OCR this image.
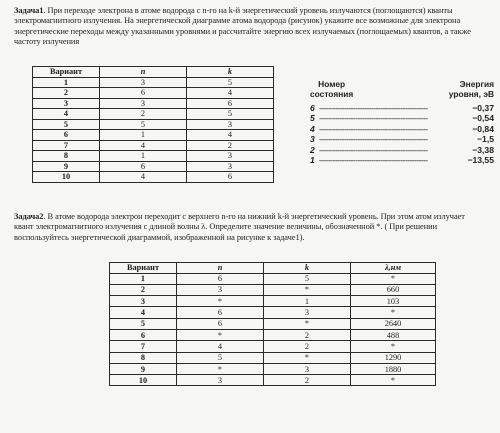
Задача1. При переходе электрона в атоме водорода с n-го на k-й энергетический уровень излучаются (поглощаются) кванты электромагнитного излучения. На энергетической диаграмме атома водорода (рисунок) укажите все возможные для электрона энергетические переходы между указанными уровнями и рассчитайте энергию всех излучаемых (поглощаемых) квантов, а также частоту излучения

Вариант	n	k
1	3	5
2	6	4
3	3	6
4	2	5
5	5	3
6	1	4
7	4	2
8	1	3
9	6	3
10	4	6
Номер
состояния
Энергия
уровня, эВ
6 ------------------------------------------------	−0,37
5 ------------------------------------------------	−0,54
4 ------------------------------------------------	−0,84
3 ------------------------------------------------	−1,5
2 ------------------------------------------------	−3,38
1 ------------------------------------------------	−13,55

Задача2. В атоме водорода электрон переходит с верхнего n-го на нижний k-й энергетический уровень. При этом атом излучает квант электромагнитного излучения с длиной волны λ. Определите значение величины, обозначенной *. ( При решении воспользуйтесь энергетической диаграммой, изображенной на рисунке к задаче1).

Вариант	n	k	λ,нм
1	6	5	*
2	3	*	660
3	*	1	103
4	6	3	*
5	6	*	2640
6	*	2	488
7	4	2	*
8	5	*	1290
9	*	3	1880
10	3	2	*
